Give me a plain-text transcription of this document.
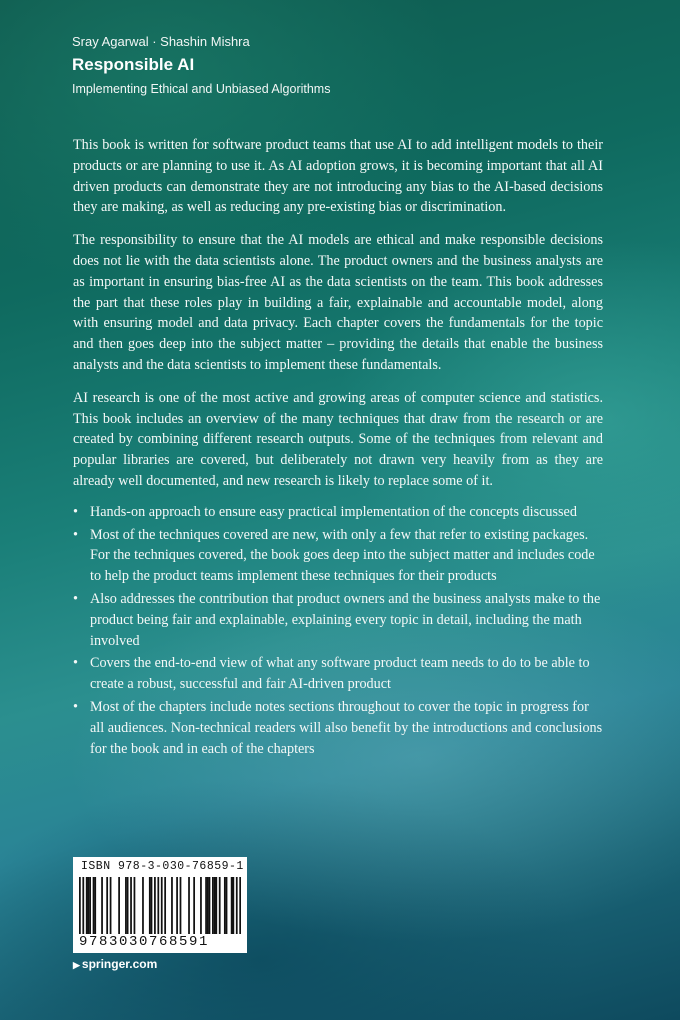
Sray Agarwal · Shashin Mishra
Responsible AI
Implementing Ethical and Unbiased Algorithms

This book is written for software product teams that use AI to add intelligent models to their products or are planning to use it. As AI adoption grows, it is becoming important that all AI driven products can demonstrate they are not introducing any bias to the AI-based decisions they are making, as well as reducing any pre-existing bias or discrimination.

The responsibility to ensure that the AI models are ethical and make responsible decisions does not lie with the data scientists alone. The product owners and the business analysts are as important in ensuring bias-free AI as the data scientists on the team. This book addresses the part that these roles play in building a fair, explainable and accountable model, along with ensuring model and data privacy. Each chapter covers the fundamentals for the topic and then goes deep into the subject matter – providing the details that enable the business analysts and the data scientists to implement these fundamentals.

AI research is one of the most active and growing areas of computer science and statistics. This book includes an overview of the many techniques that draw from the research or are created by combining different research outputs. Some of the techniques from relevant and popular libraries are covered, but deliberately not drawn very heavily from as they are already well documented, and new research is likely to replace some of it.

• Hands-on approach to ensure easy practical implementation of the concepts discussed
• Most of the techniques covered are new, with only a few that refer to existing packages. For the techniques covered, the book goes deep into the subject matter and includes code to help the product teams implement these techniques for their products
• Also addresses the contribution that product owners and the business analysts make to the product being fair and explainable, explaining every topic in detail, including the math involved
• Covers the end-to-end view of what any software product team needs to do to be able to create a robust, successful and fair AI-driven product
• Most of the chapters include notes sections throughout to cover the topic in progress for all audiences. Non-technical readers will also benefit by the introductions and conclusions for the book and in each of the chapters
ISBN 978-3-030-76859-1
9783030768591
▶ springer.com
